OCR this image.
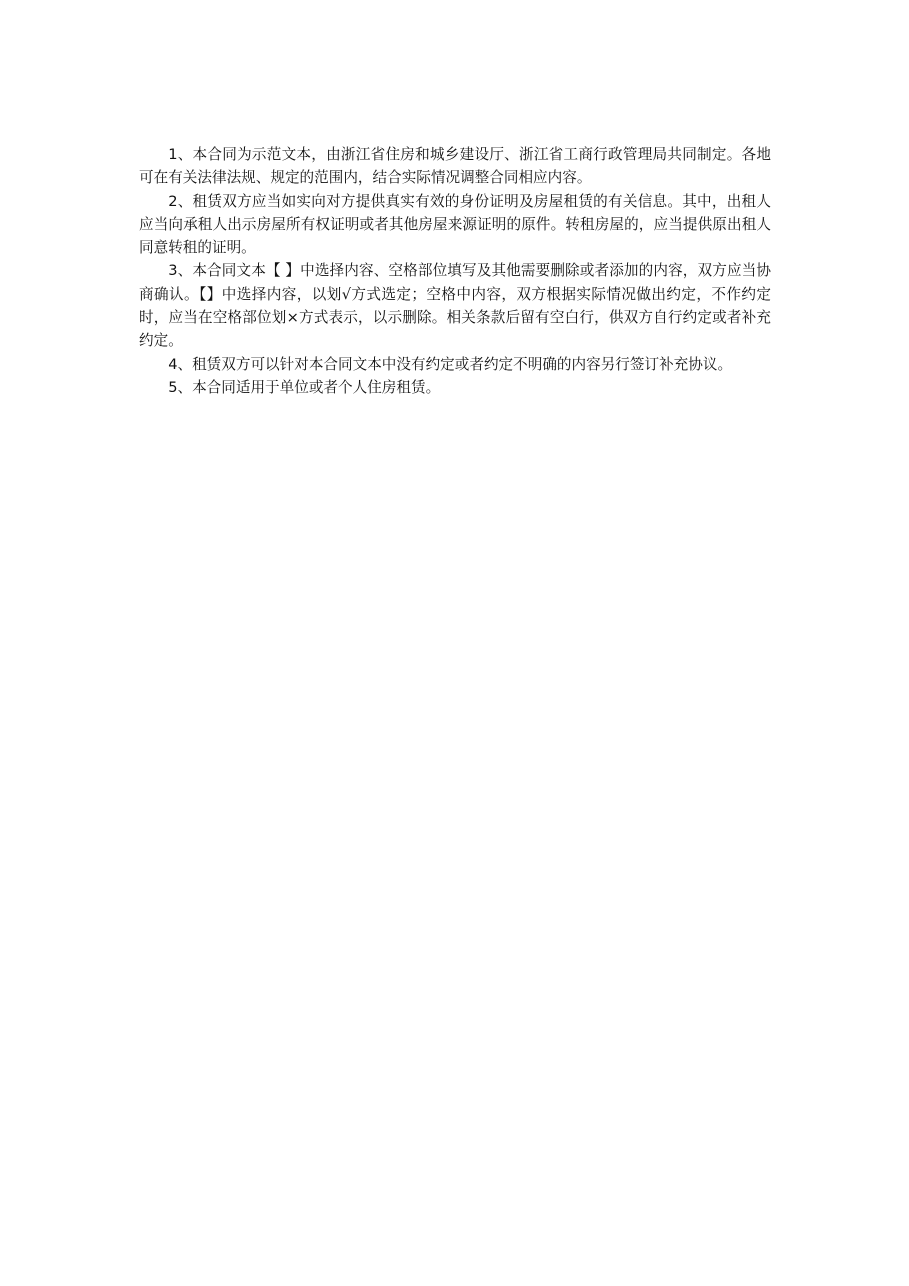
1、本合同为示范文本，由浙江省住房和城乡建设厅、浙江省工商行政管理局共同制定。各地可在有关法律法规、规定的范围内，结合实际情况调整合同相应内容。

2、租赁双方应当如实向对方提供真实有效的身份证明及房屋租赁的有关信息。其中，出租人应当向承租人出示房屋所有权证明或者其他房屋来源证明的原件。转租房屋的，应当提供原出租人同意转租的证明。

3、本合同文本【 】中选择内容、空格部位填写及其他需要删除或者添加的内容，双方应当协商确认。【】中选择内容，以划√方式选定；空格中内容，双方根据实际情况做出约定，不作约定时，应当在空格部位划×方式表示，以示删除。相关条款后留有空白行，供双方自行约定或者补充约定。

4、租赁双方可以针对本合同文本中没有约定或者约定不明确的内容另行签订补充协议。

5、本合同适用于单位或者个人住房租赁。
